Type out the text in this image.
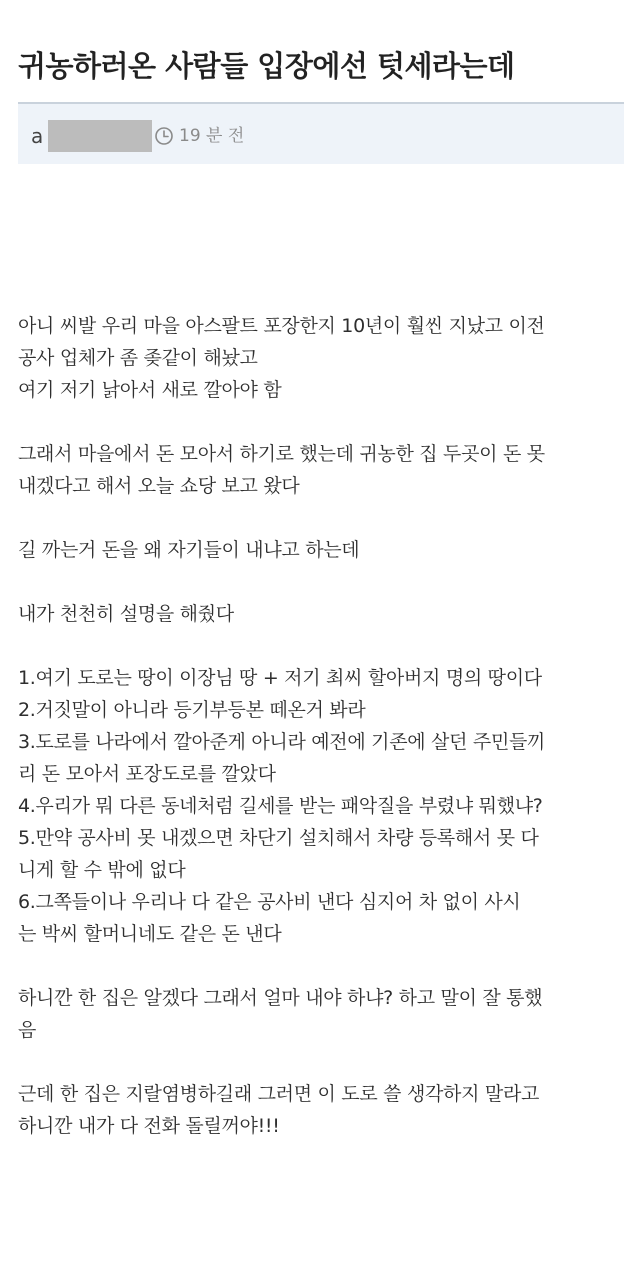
귀농하러온 사람들 입장에선 텃세라는데
a	19 분 전
아니 씨발 우리 마을 아스팔트 포장한지 10년이 훨씬 지났고 이전
공사 업체가 좀 좆같이 해놨고
여기 저기 낡아서 새로 깔아야 함
그래서 마을에서 돈 모아서 하기로 했는데 귀농한 집 두곳이 돈 못
내겠다고 해서 오늘 쇼당 보고 왔다
길 까는거 돈을 왜 자기들이 내냐고 하는데
내가 천천히 설명을 해줬다
1.여기 도로는 땅이 이장님 땅 + 저기 최씨 할아버지 명의 땅이다
2.거짓말이 아니라 등기부등본 떼온거 봐라
3.도로를 나라에서 깔아준게 아니라 예전에 기존에 살던 주민들끼
리 돈 모아서 포장도로를 깔았다
4.우리가 뭐 다른 동네처럼 길세를 받는 패악질을 부렸냐 뭐했냐?
5.만약 공사비 못 내겠으면 차단기 설치해서 차량 등록해서 못 다
니게 할 수 밖에 없다
6.그쪽들이나 우리나 다 같은 공사비 낸다 심지어 차 없이 사시
는 박씨 할머니네도 같은 돈 낸다
하니깐 한 집은 알겠다 그래서 얼마 내야 하냐? 하고 말이 잘 통했
음
근데 한 집은 지랄염병하길래 그러면 이 도로 쓸 생각하지 말라고
하니깐 내가 다 전화 돌릴꺼야!!!
